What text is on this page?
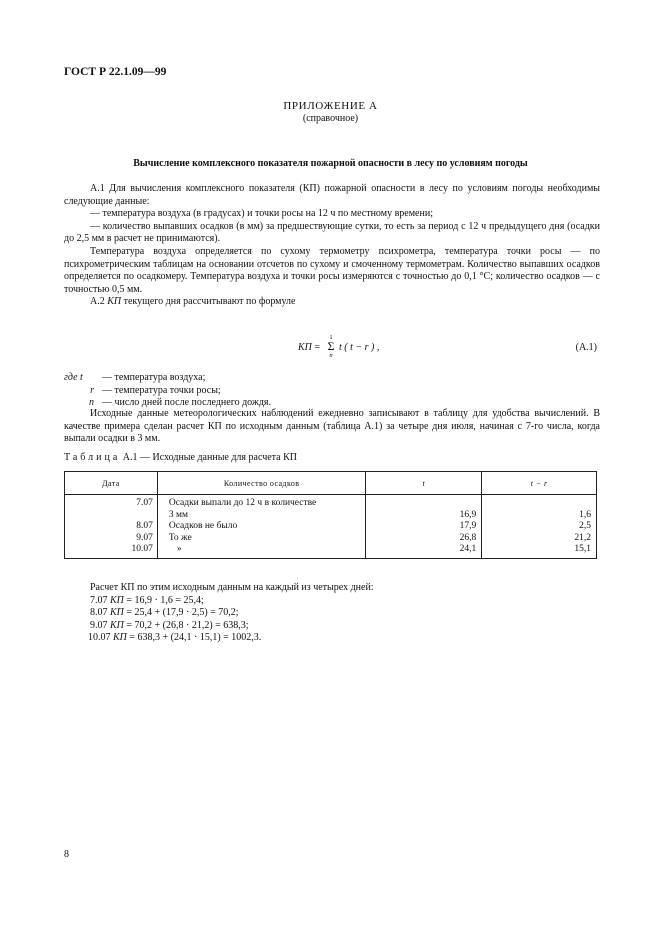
ГОСТ Р 22.1.09—99
ПРИЛОЖЕНИЕ А
(справочное)
Вычисление комплексного показателя пожарной опасности в лесу по условиям погоды
А.1 Для вычисления комплексного показателя (КП) пожарной опасности в лесу по условиям погоды необходимы следующие данные:
— температура воздуха (в градусах) и точки росы на 12 ч по местному времени;
— количество выпавших осадков (в мм) за предшествующие сутки, то есть за период с 12 ч предыдущего дня (осадки до 2,5 мм в расчет не принимаются).
Температура воздуха определяется по сухому термометру психрометра, температура точки росы — по психрометрическим таблицам на основании отсчетов по сухому и смоченному термометрам. Количество выпавших осадков определяется по осадкомеру. Температура воздуха и точки росы измеряются с точностью до 0,1 °С; количество осадков — с точностью 0,5 мм.
А.2 КП текущего дня рассчитывают по формуле
КП =
1
Σ
n
t ( t − r ) ,	(А.1)
где t — температура воздуха;
r — температура точки росы;
n — число дней после последнего дождя.
Исходные данные метеорологических наблюдений ежедневно записывают в таблицу для удобства вычислений. В качестве примера сделан расчет КП по исходным данным (таблица А.1) за четыре дня июля, начиная с 7-го числа, когда выпали осадки в 3 мм.
Таблица А.1 — Исходные данные для расчета КП
Дата	Количество осадков	t	t − r
7.07	Осадки выпали до 12 ч в количестве		
	3 мм	16,9	1,6
8.07	Осадков не было	17,9	2,5
9.07	То же	26,8	21,2
10.07	»	24,1	15,1
Расчет КП по этим исходным данным на каждый из четырех дней:
7.07 КП = 16,9 · 1,6 = 25,4;
8.07 КП = 25,4 + (17,9 · 2,5) = 70,2;
9.07 КП = 70,2 + (26,8 · 21,2) = 638,3;
10.07 КП = 638,3 + (24,1 · 15,1) = 1002,3.
8
